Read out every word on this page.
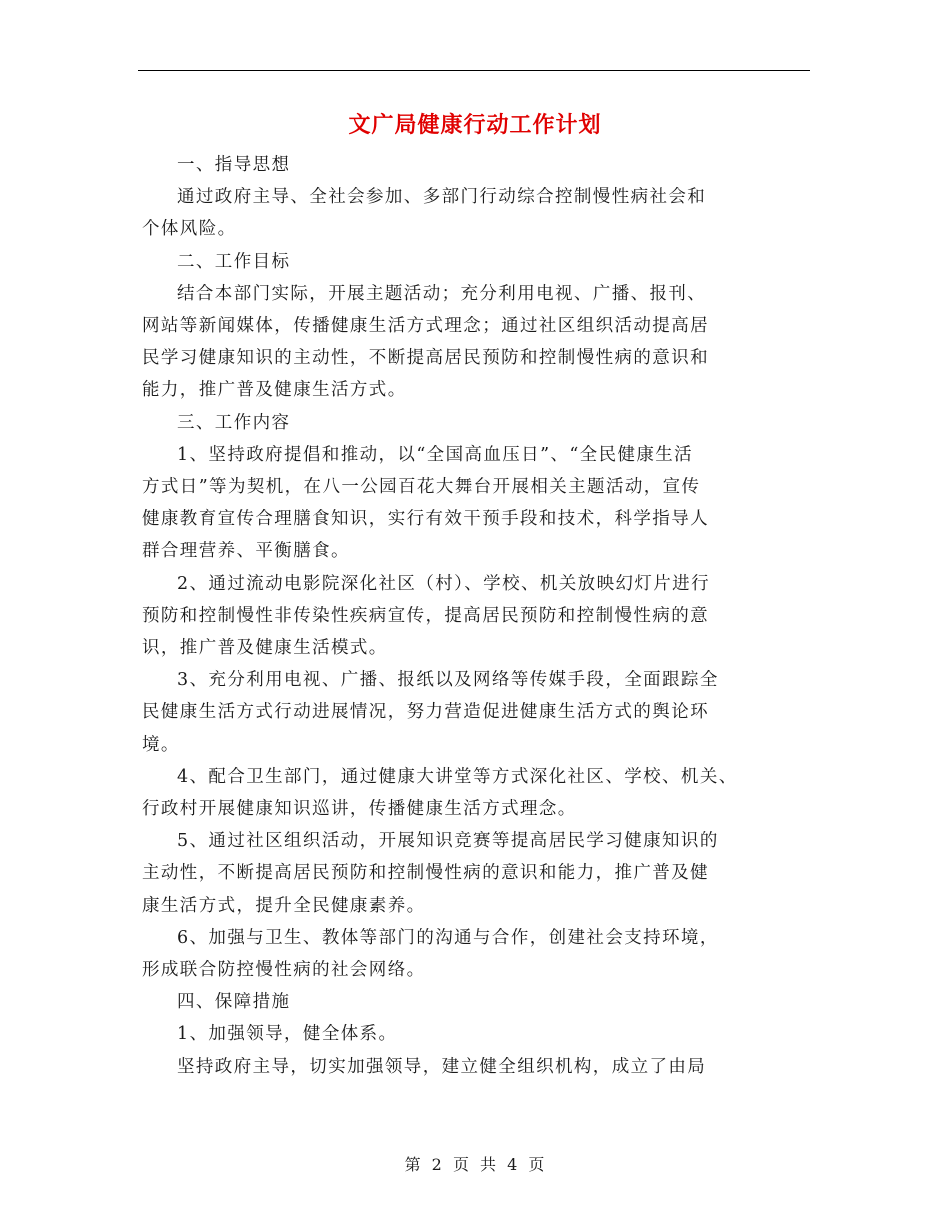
文广局健康行动工作计划

一、指导思想

通过政府主导、全社会参加、多部门行动综合控制慢性病社会和
个体风险。

二、工作目标

结合本部门实际，开展主题活动；充分利用电视、广播、报刊、
网站等新闻媒体，传播健康生活方式理念；通过社区组织活动提高居
民学习健康知识的主动性，不断提高居民预防和控制慢性病的意识和
能力，推广普及健康生活方式。

三、工作内容

1、坚持政府提倡和推动，以“全国高血压日”、“全民健康生活
方式日”等为契机，在八一公园百花大舞台开展相关主题活动，宣传
健康教育宣传合理膳食知识，实行有效干预手段和技术，科学指导人
群合理营养、平衡膳食。

2、通过流动电影院深化社区（村）、学校、机关放映幻灯片进行
预防和控制慢性非传染性疾病宣传，提高居民预防和控制慢性病的意
识，推广普及健康生活模式。

3、充分利用电视、广播、报纸以及网络等传媒手段，全面跟踪全
民健康生活方式行动进展情况，努力营造促进健康生活方式的舆论环
境。

4、配合卫生部门，通过健康大讲堂等方式深化社区、学校、机关、
行政村开展健康知识巡讲，传播健康生活方式理念。

5、通过社区组织活动，开展知识竞赛等提高居民学习健康知识的
主动性，不断提高居民预防和控制慢性病的意识和能力，推广普及健
康生活方式，提升全民健康素养。

6、加强与卫生、教体等部门的沟通与合作，创建社会支持环境，
形成联合防控慢性病的社会网络。

四、保障措施

1、加强领导，健全体系。

坚持政府主导，切实加强领导，建立健全组织机构，成立了由局

第 2 页 共 4 页
